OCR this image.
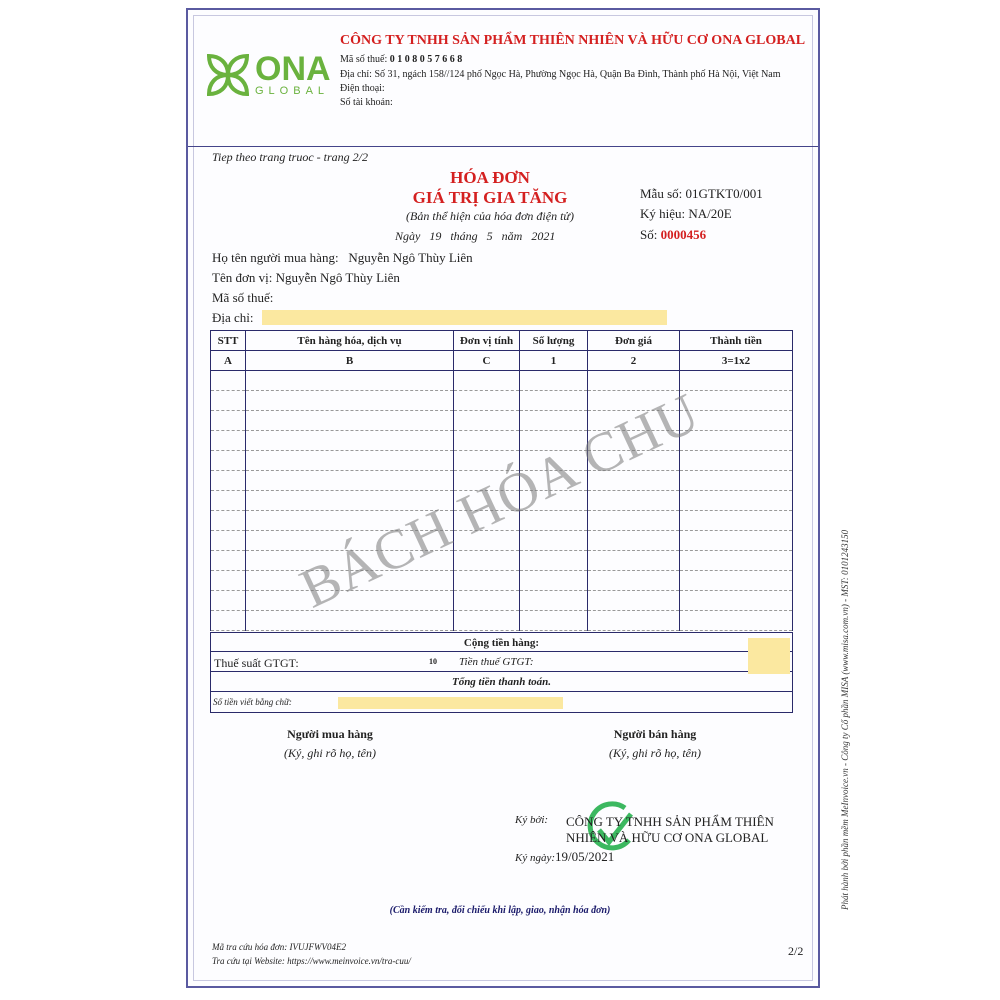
ONA
GLOBAL
CÔNG TY TNHH SẢN PHẨM THIÊN NHIÊN VÀ HỮU CƠ ONA GLOBAL
Mã số thuế: 0 1 0 8 0 5 7 6 6 8
Địa chỉ: Số 31, ngách 158//124 phố Ngọc Hà, Phường Ngọc Hà, Quận Ba Đình, Thành phố Hà Nội, Việt Nam
Điện thoại:
Số tài khoản:
Tiep theo trang truoc - trang 2/2
HÓA ĐƠN
GIÁ TRỊ GIA TĂNG
(Bản thể hiện của hóa đơn điện tử)
Ngày 19 tháng 5 năm 2021
Mẫu số: 01GTKT0/001
Ký hiệu: NA/20E
Số: 0000456
Họ tên người mua hàng: Nguyễn Ngô Thùy Liên
Tên đơn vị: Nguyễn Ngô Thùy Liên
Mã số thuế:
Địa chỉ:
STT	Tên hàng hóa, dịch vụ	Đơn vị tính	Số lượng	Đơn giá	Thành tiền
A	B	C	1	2	3=1x2

BÁCH HÓA CHU
Cộng tiền hàng:
Thuế suất GTGT:	10 Tiền thuế GTGT:
Tổng tiền thanh toán.
Số tiền viết bằng chữ:
Người mua hàng
(Ký, ghi rõ họ, tên)
Người bán hàng
(Ký, ghi rõ họ, tên)
Ký bởi: CÔNG TY TNHH SẢN PHẨM THIÊN
NHIÊN VÀ HỮU CƠ ONA GLOBAL
Ký ngày:19/05/2021
(Cần kiểm tra, đối chiếu khi lập, giao, nhận hóa đơn)
Mã tra cứu hóa đơn: IVUJFWV04E2
Tra cứu tại Website: https://www.meinvoice.vn/tra-cuu/
2/2
Phát hành bởi phần mềm MeInvoice.vn - Công ty Cổ phần MISA (www.misa.com.vn) - MST: 0101243150
